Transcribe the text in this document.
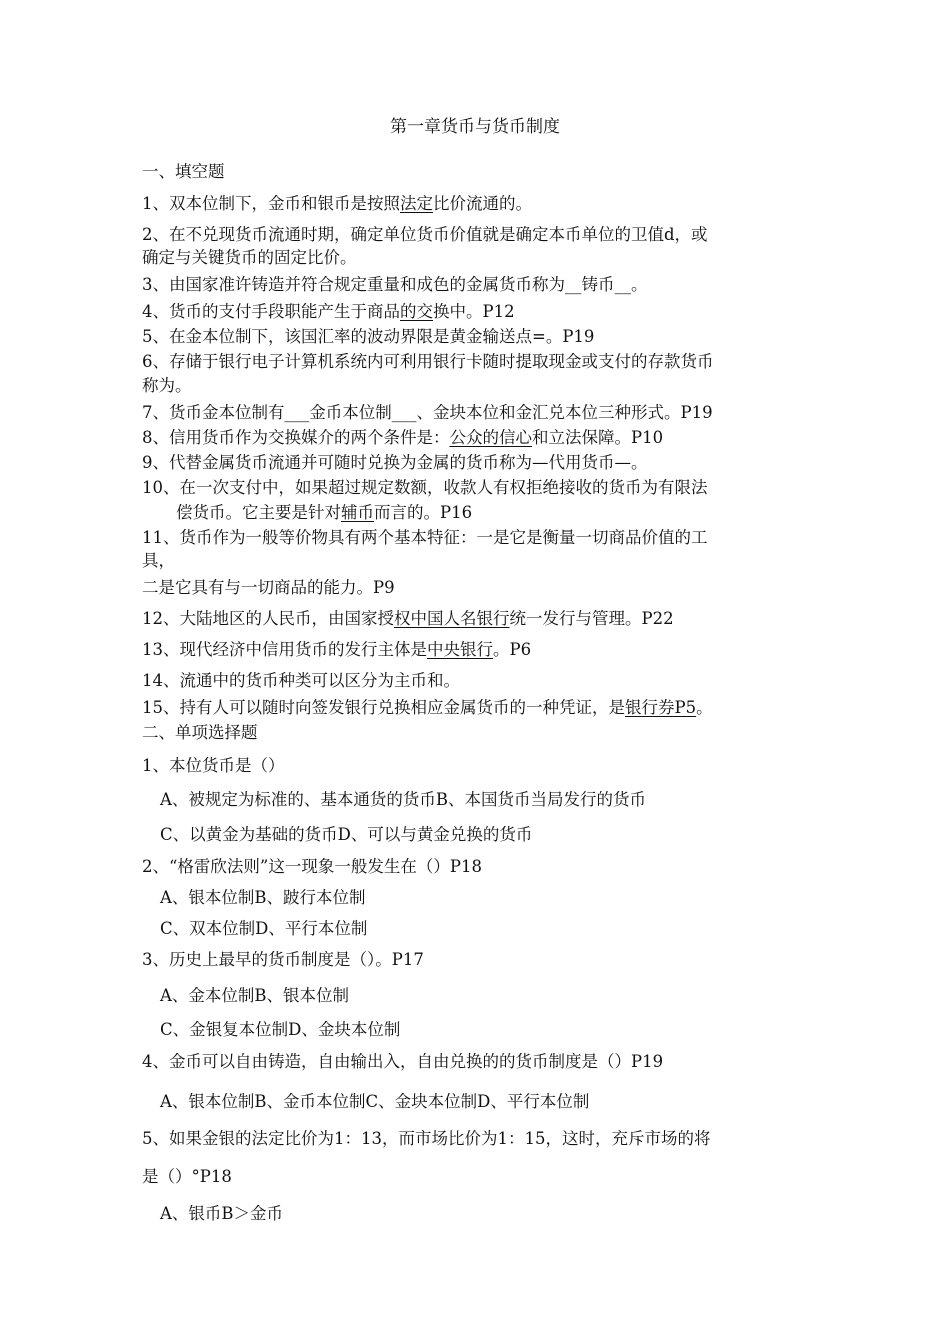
第一章货币与货币制度
一、填空题
1、双本位制下，金币和银币是按照法定比价流通的。
2、在不兑现货币流通时期，确定单位货币价值就是确定本币单位的卫值d，或
确定与关键货币的固定比价。
3、由国家准许铸造并符合规定重量和成色的金属货币称为__铸币__。
4、货币的支付手段职能产生于商品的交换中。P12
5、在金本位制下，该国汇率的波动界限是黄金输送点=。P19
6、存储于银行电子计算机系统内可利用银行卡随时提取现金或支付的存款货币
称为。
7、货币金本位制有___金币本位制___、金块本位和金汇兑本位三种形式。P19
8、信用货币作为交换媒介的两个条件是：公众的信心和立法保障。P10
9、代替金属货币流通并可随时兑换为金属的货币称为—代用货币—。
10、在一次支付中，如果超过规定数额，收款人有权拒绝接收的货币为有限法
偿货币。它主要是针对辅币而言的。P16
11、货币作为一般等价物具有两个基本特征：一是它是衡量一切商品价值的工
具，
二是它具有与一切商品的能力。P9
12、大陆地区的人民币，由国家授权中国人名银行统一发行与管理。P22
13、现代经济中信用货币的发行主体是中央银行。P6
14、流通中的货币种类可以区分为主币和。
15、持有人可以随时向签发银行兑换相应金属货币的一种凭证，是银行券P5。
二、单项选择题
1、本位货币是（）
A、被规定为标准的、基本通货的货币B、本国货币当局发行的货币
C、以黄金为基础的货币D、可以与黄金兑换的货币
2、“格雷欣法则”这一现象一般发生在（）P18
A、银本位制B、跛行本位制
C、双本位制D、平行本位制
3、历史上最早的货币制度是（）。P17
A、金本位制B、银本位制
C、金银复本位制D、金块本位制
4、金币可以自由铸造，自由输出入，自由兑换的的货币制度是（）P19
A、银本位制B、金币本位制C、金块本位制D、平行本位制
5、如果金银的法定比价为1：13，而市场比价为1：15，这时，充斥市场的将
是（）°P18
A、银币B＞金币
